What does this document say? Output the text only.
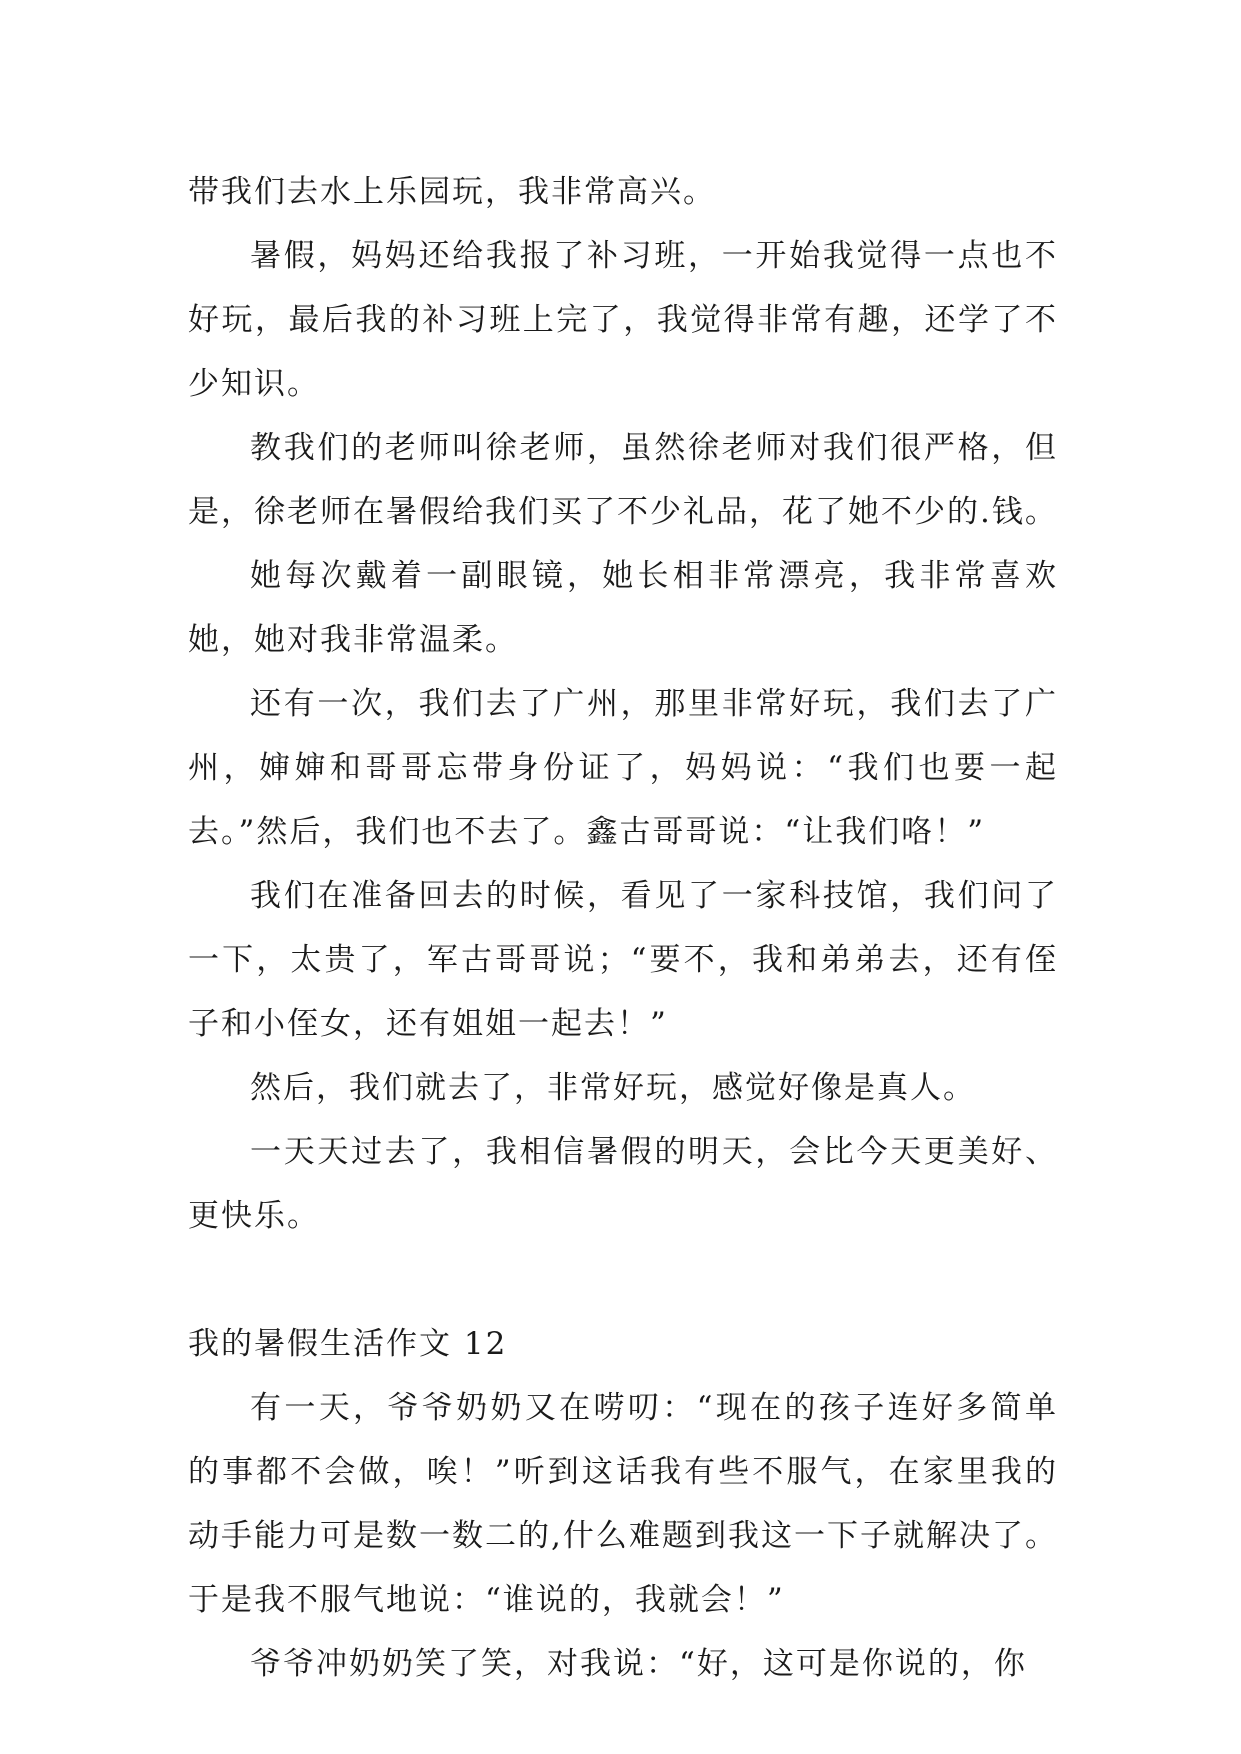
带我们去水上乐园玩，我非常高兴。

暑假，妈妈还给我报了补习班，一开始我觉得一点也不好玩，最后我的补习班上完了，我觉得非常有趣，还学了不少知识。

教我们的老师叫徐老师，虽然徐老师对我们很严格，但是，徐老师在暑假给我们买了不少礼品，花了她不少的.钱。

她每次戴着一副眼镜，她长相非常漂亮，我非常喜欢她，她对我非常温柔。

还有一次，我们去了广州，那里非常好玩，我们去了广州，婶婶和哥哥忘带身份证了，妈妈说：“我们也要一起去。”然后，我们也不去了。鑫古哥哥说：“让我们咯！”

我们在准备回去的时候，看见了一家科技馆，我们问了一下，太贵了，军古哥哥说；“要不，我和弟弟去，还有侄子和小侄女，还有姐姐一起去！”

然后，我们就去了，非常好玩，感觉好像是真人。

一天天过去了，我相信暑假的明天，会比今天更美好、更快乐。

我的暑假生活作文 12

有一天，爷爷奶奶又在唠叨：“现在的孩子连好多简单的事都不会做，唉！”听到这话我有些不服气，在家里我的动手能力可是数一数二的,什么难题到我这一下子就解决了。于是我不服气地说：“谁说的，我就会！”

爷爷冲奶奶笑了笑，对我说：“好，这可是你说的，你
